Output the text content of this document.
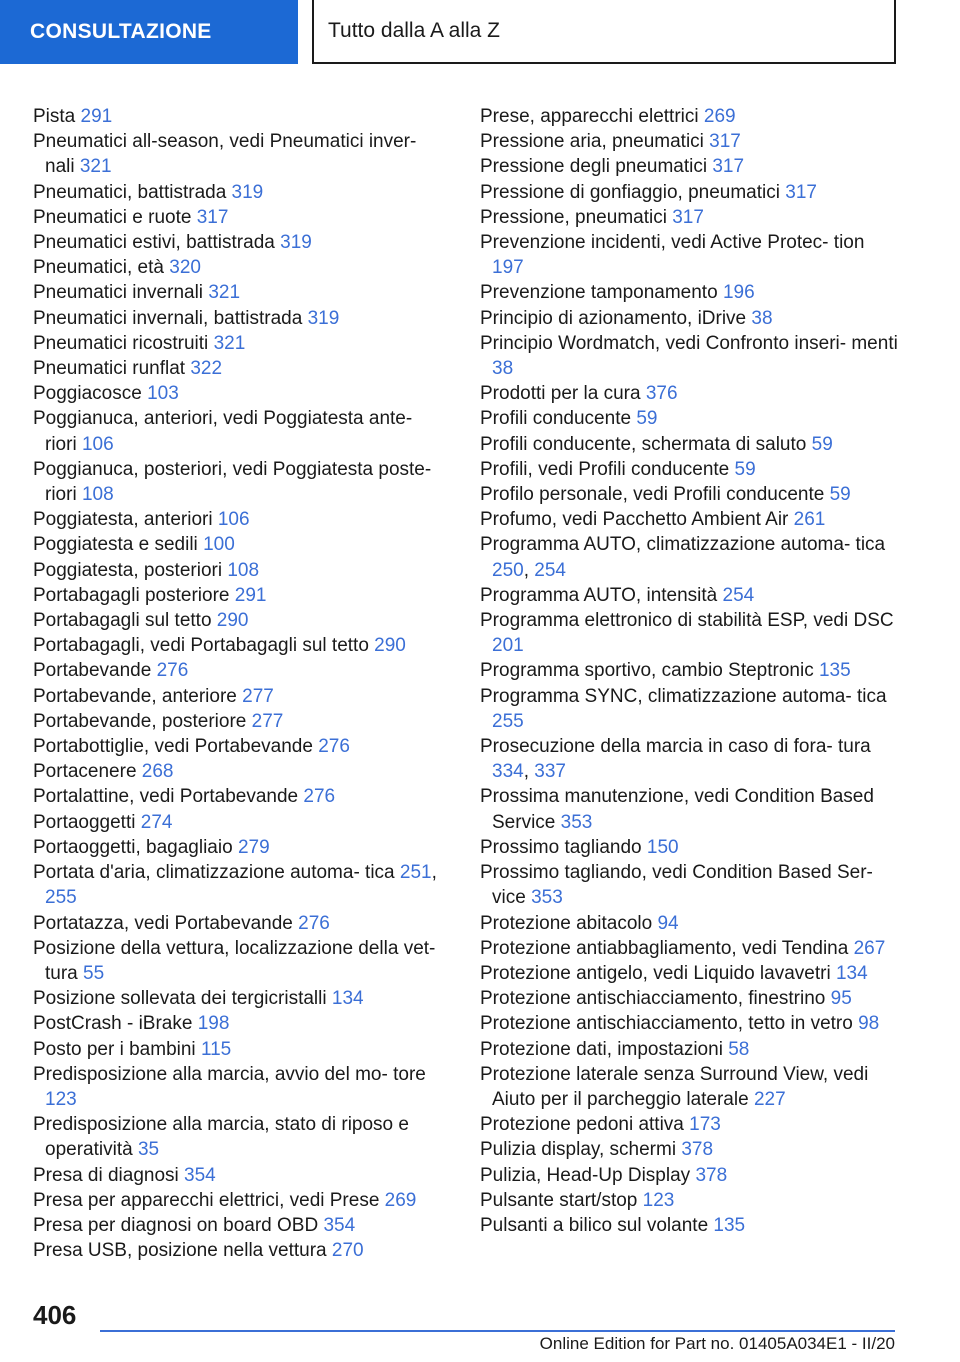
CONSULTAZIONE	Tutto dalla A alla Z
Pista 291
Pneumatici all-season, vedi Pneumatici inver‐ nali 321
Pneumatici, battistrada 319
Pneumatici e ruote 317
Pneumatici estivi, battistrada 319
Pneumatici, età 320
Pneumatici invernali 321
Pneumatici invernali, battistrada 319
Pneumatici ricostruiti 321
Pneumatici runflat 322
Poggiacosce 103
Poggianuca, anteriori, vedi Poggiatesta ante‐ riori 106
Poggianuca, posteriori, vedi Poggiatesta poste‐ riori 108
Poggiatesta, anteriori 106
Poggiatesta e sedili 100
Poggiatesta, posteriori 108
Portabagagli posteriore 291
Portabagagli sul tetto 290
Portabagagli, vedi Portabagagli sul tetto 290
Portabevande 276
Portabevande, anteriore 277
Portabevande, posteriore 277
Portabottiglie, vedi Portabevande 276
Portacenere 268
Portalattine, vedi Portabevande 276
Portaoggetti 274
Portaoggetti, bagagliaio 279
Portata d'aria, climatizzazione automa‐ tica 251, 255
Portatazza, vedi Portabevande 276
Posizione della vettura, localizzazione della vet‐ tura 55
Posizione sollevata dei tergicristalli 134
PostCrash - iBrake 198
Posto per i bambini 115
Predisposizione alla marcia, avvio del mo‐ tore 123
Predisposizione alla marcia, stato di riposo e operatività 35
Presa di diagnosi 354
Presa per apparecchi elettrici, vedi Prese 269
Presa per diagnosi on board OBD 354
Presa USB, posizione nella vettura 270
Prese, apparecchi elettrici 269
Pressione aria, pneumatici 317
Pressione degli pneumatici 317
Pressione di gonfiaggio, pneumatici 317
Pressione, pneumatici 317
Prevenzione incidenti, vedi Active Protec‐ tion 197
Prevenzione tamponamento 196
Principio di azionamento, iDrive 38
Principio Wordmatch, vedi Confronto inseri‐ menti 38
Prodotti per la cura 376
Profili conducente 59
Profili conducente, schermata di saluto 59
Profili, vedi Profili conducente 59
Profilo personale, vedi Profili conducente 59
Profumo, vedi Pacchetto Ambient Air 261
Programma AUTO, climatizzazione automa‐ tica 250, 254
Programma AUTO, intensità 254
Programma elettronico di stabilità ESP, vedi DSC 201
Programma sportivo, cambio Steptronic 135
Programma SYNC, climatizzazione automa‐ tica 255
Prosecuzione della marcia in caso di fora‐ tura 334, 337
Prossima manutenzione, vedi Condition Based Service 353
Prossimo tagliando 150
Prossimo tagliando, vedi Condition Based Ser‐ vice 353
Protezione abitacolo 94
Protezione antiabbagliamento, vedi Tendina 267
Protezione antigelo, vedi Liquido lavavetri 134
Protezione antischiacciamento, finestrino 95
Protezione antischiacciamento, tetto in vetro 98
Protezione dati, impostazioni 58
Protezione laterale senza Surround View, vedi Aiuto per il parcheggio laterale 227
Protezione pedoni attiva 173
Pulizia display, schermi 378
Pulizia, Head-Up Display 378
Pulsante start/stop 123
Pulsanti a bilico sul volante 135
406
Online Edition for Part no. 01405A034E1 - II/20
